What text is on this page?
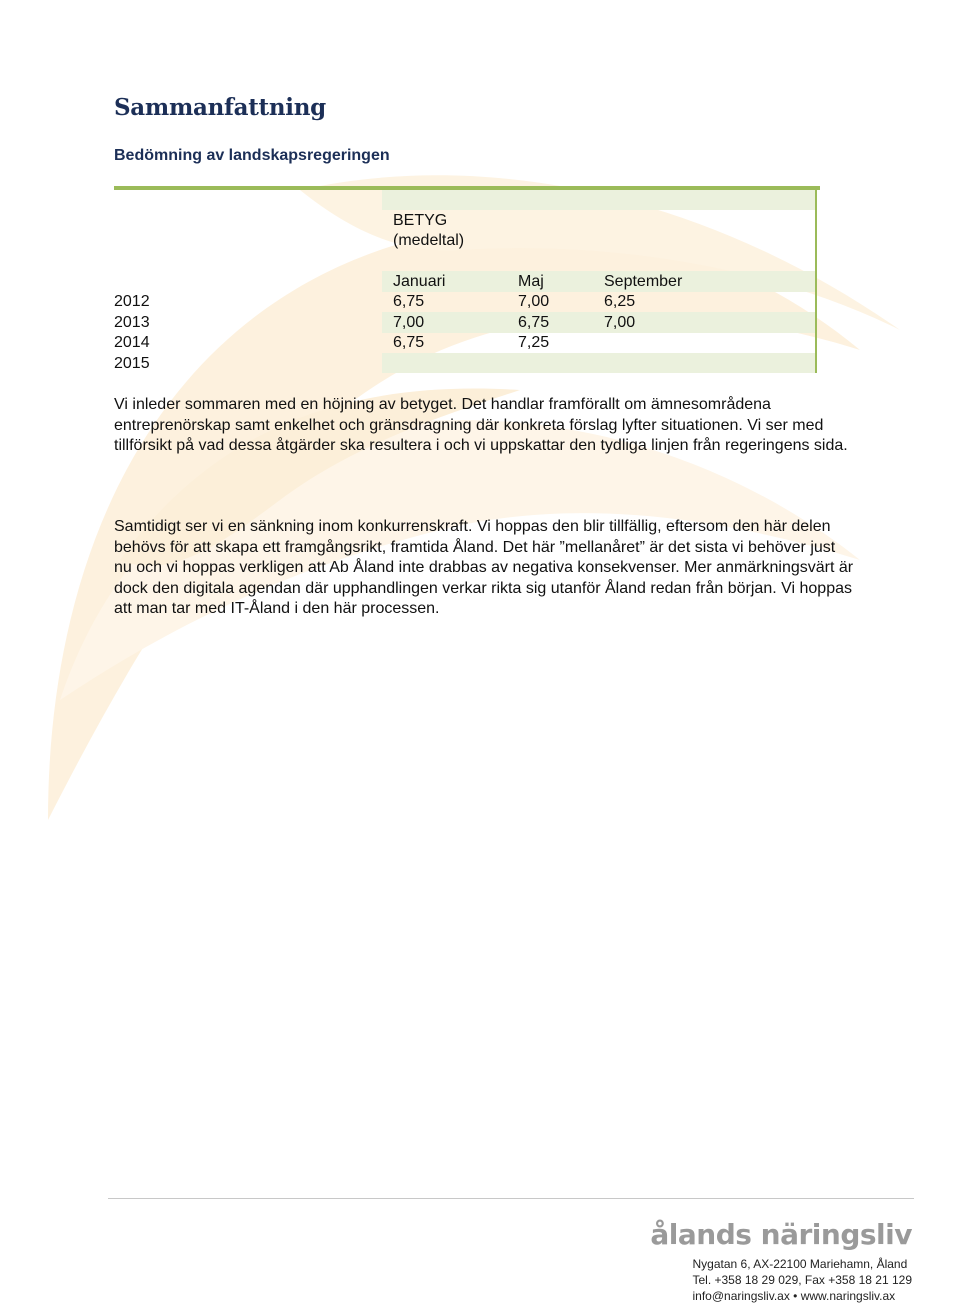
Sammanfattning

Bedömning av landskapsregeringen

BETYG (medeltal)
Januari	Maj	September
2012	6,75	7,00	6,25
2013	7,00	6,75	7,00
2014	6,75	7,25
2015

Vi inleder sommaren med en höjning av betyget. Det handlar framförallt om ämnesområdena entreprenörskap samt enkelhet och gränsdragning där konkreta förslag lyfter situationen. Vi ser med tillförsikt på vad dessa åtgärder ska resultera i och vi uppskattar den tydliga linjen från regeringens sida.

Samtidigt ser vi en sänkning inom konkurrenskraft. Vi hoppas den blir tillfällig, eftersom den här delen behövs för att skapa ett framgångsrikt, framtida Åland. Det här ”mellanåret” är det sista vi behöver just nu och vi hoppas verkligen att Ab Åland inte drabbas av negativa konsekvenser. Mer anmärkningsvärt är dock den digitala agendan där upphandlingen verkar rikta sig utanför Åland redan från början. Vi hoppas att man tar med IT-Åland i den här processen.

ålands näringsliv
Nygatan 6, AX-22100 Mariehamn, Åland
Tel. +358 18 29 029, Fax +358 18 21 129
info@naringsliv.ax • www.naringsliv.ax
